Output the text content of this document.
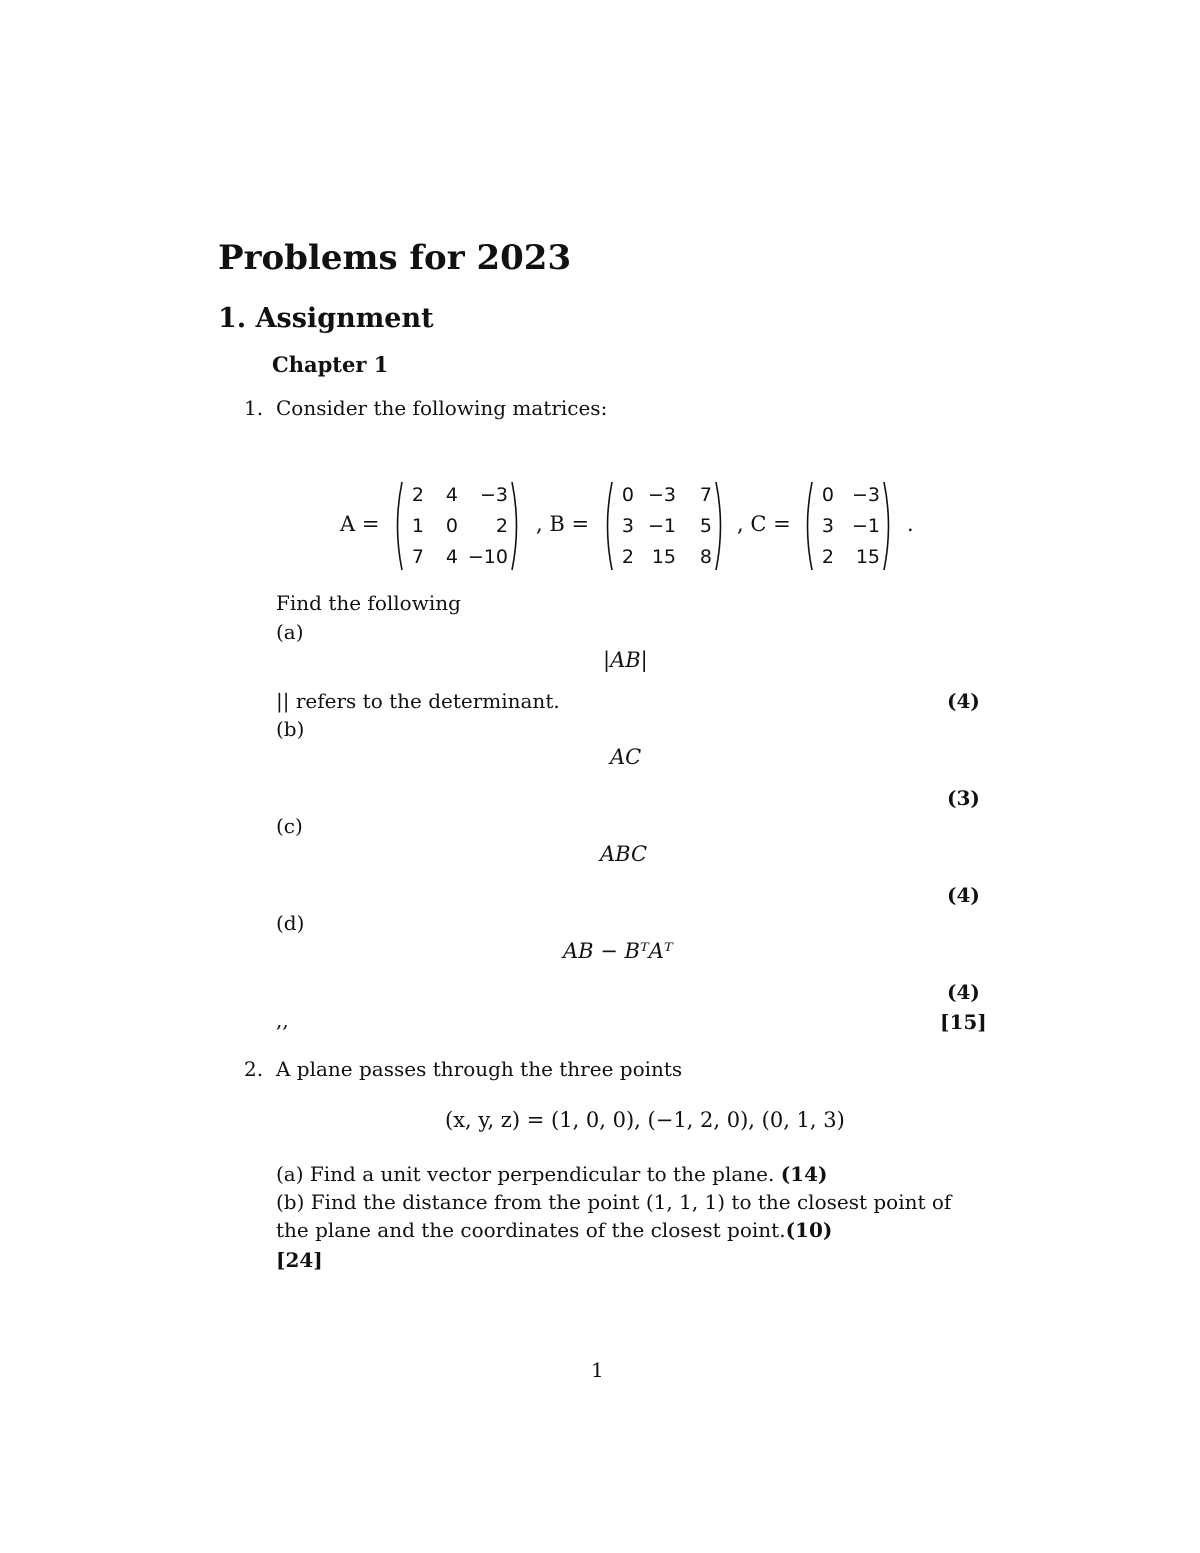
Problems for 2023
1. Assignment
Chapter 1
1. Consider the following matrices:
A =
2	4	−3
1	0	2
7	4 −10
, B =
0 −3	7
3 −1	5
2 15	8
, C =
0 −3
3 −1
2	15
.
Find the following
(a)
|AB|
|| refers to the determinant.	(4)
(b)
AC
(3)
(c)
ABC
(4)
(d)
AB − BᵀAᵀ
(4)
,,	[15]
2. A plane passes through the three points
(x, y, z) = (1, 0, 0), (−1, 2, 0), (0, 1, 3)
(a) Find a unit vector perpendicular to the plane. (14)
(b) Find the distance from the point (1, 1, 1) to the closest point of
the plane and the coordinates of the closest point.(10)
[24]
1
